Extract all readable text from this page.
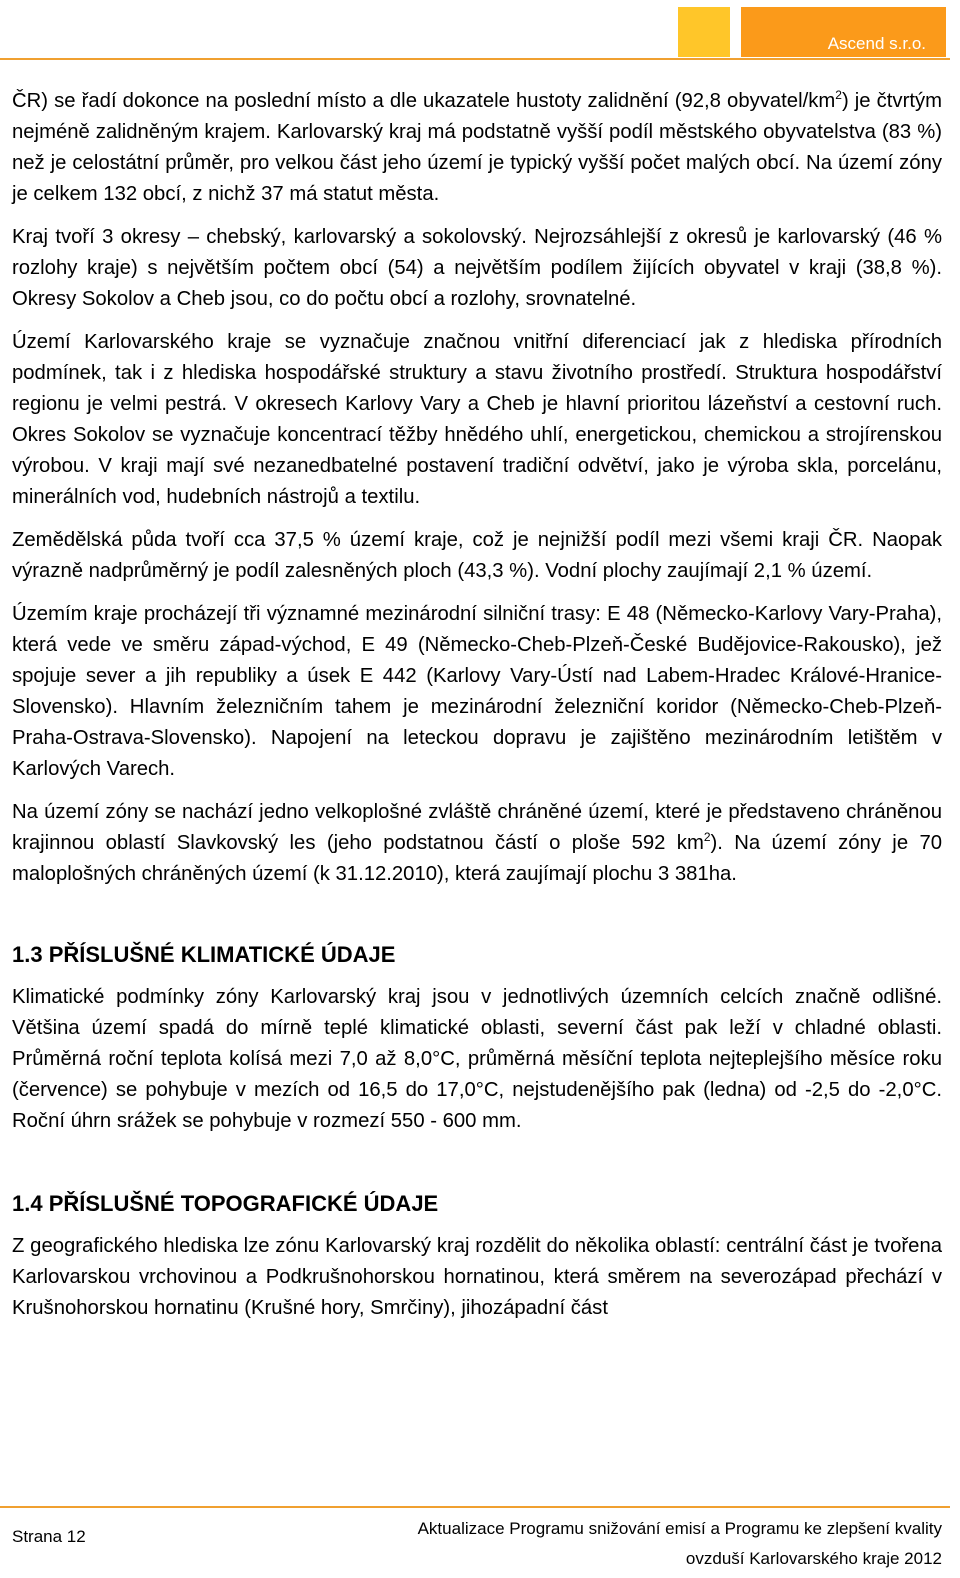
Ascend s.r.o.

ČR) se řadí dokonce na poslední místo a dle ukazatele hustoty zalidnění (92,8 obyvatel/$km^2$) je čtvrtým nejméně zalidněným krajem. Karlovarský kraj má podstatně vyšší podíl městského obyvatelstva (83 %) než je celostátní průměr, pro velkou část jeho území je typický vyšší počet malých obcí. Na území zóny je celkem 132 obcí, z nichž 37 má statut města.

Kraj tvoří 3 okresy – chebský, karlovarský a sokolovský. Nejrozsáhlejší z okresů je karlovarský (46 % rozlohy kraje) s největším počtem obcí (54) a největším podílem žijících obyvatel v kraji (38,8 %). Okresy Sokolov a Cheb jsou, co do počtu obcí a rozlohy, srovnatelné.

Území Karlovarského kraje se vyznačuje značnou vnitřní diferenciací jak z hlediska přírodních podmínek, tak i z hlediska hospodářské struktury a stavu životního prostředí. Struktura hospodářství regionu je velmi pestrá. V okresech Karlovy Vary a Cheb je hlavní prioritou lázeňství a cestovní ruch. Okres Sokolov se vyznačuje koncentrací těžby hnědého uhlí, energetickou, chemickou a strojírenskou výrobou. V kraji mají své nezanedbatelné postavení tradiční odvětví, jako je výroba skla, porcelánu, minerálních vod, hudebních nástrojů a textilu.

Zemědělská půda tvoří cca 37,5 % území kraje, což je nejnižší podíl mezi všemi kraji ČR. Naopak výrazně nadprůměrný je podíl zalesněných ploch (43,3 %). Vodní plochy zaujímají 2,1 % území.

Územím kraje procházejí tři významné mezinárodní silniční trasy: E 48 (Německo-Karlovy Vary-Praha), která vede ve směru západ-východ, E 49 (Německo-Cheb-Plzeň-České Budějovice-Rakousko), jež spojuje sever a jih republiky a úsek E 442 (Karlovy Vary-Ústí nad Labem-Hradec Králové-Hranice-Slovensko). Hlavním železničním tahem je mezinárodní železniční koridor (Německo-Cheb-Plzeň-Praha-Ostrava-Slovensko). Napojení na leteckou dopravu je zajištěno mezinárodním letištěm v Karlových Varech.

Na území zóny se nachází jedno velkoplošné zvláště chráněné území, které je představeno chráněnou krajinnou oblastí Slavkovský les (jeho podstatnou částí o ploše 592 $km^2$). Na území zóny je 70 maloplošných chráněných území (k 31.12.2010), která zaujímají plochu 3 381ha.

1.3 PŘÍSLUŠNÉ KLIMATICKÉ ÚDAJE

Klimatické podmínky zóny Karlovarský kraj jsou v jednotlivých územních celcích značně odlišné. Většina území spadá do mírně teplé klimatické oblasti, severní část pak leží v chladné oblasti. Průměrná roční teplota kolísá mezi 7,0 až 8,0°C, průměrná měsíční teplota nejteplejšího měsíce roku (července) se pohybuje v mezích od 16,5 do 17,0°C, nejstudenějšího pak (ledna) od -2,5 do -2,0°C. Roční úhrn srážek se pohybuje v rozmezí 550 - 600 mm.

1.4 PŘÍSLUŠNÉ TOPOGRAFICKÉ ÚDAJE

Z geografického hlediska lze zónu Karlovarský kraj rozdělit do několika oblastí: centrální část je tvořena Karlovarskou vrchovinou a Podkrušnohorskou hornatinou, která směrem na severozápad přechází v Krušnohorskou hornatinu (Krušné hory, Smrčiny), jihozápadní část

Strana 12	Aktualizace Programu snižování emisí a Programu ke zlepšení kvality
ovzduší Karlovarského kraje 2012
